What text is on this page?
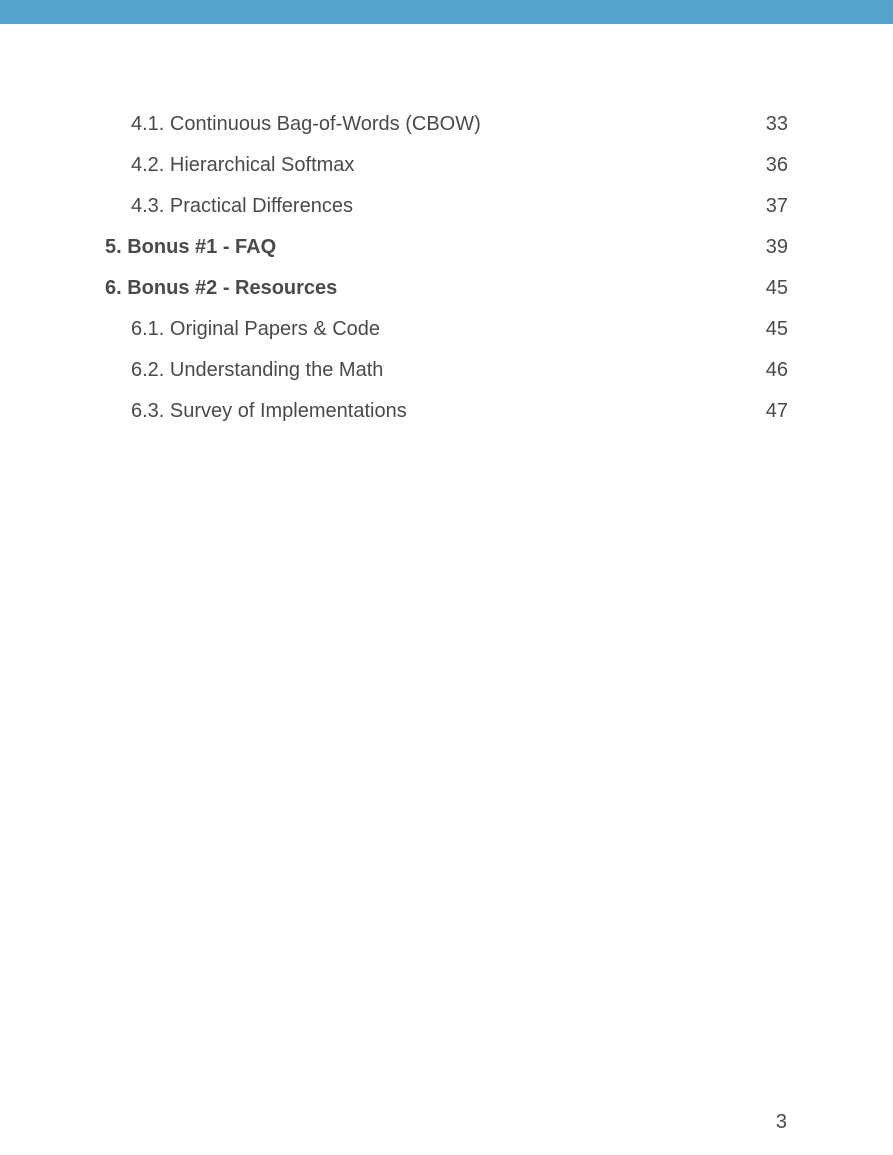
4.1. Continuous Bag-of-Words (CBOW)	33
4.2. Hierarchical Softmax	36
4.3. Practical Differences	37
5. Bonus #1 - FAQ	39
6. Bonus #2 - Resources	45
6.1. Original Papers & Code	45
6.2. Understanding the Math	46
6.3. Survey of Implementations	47
3
